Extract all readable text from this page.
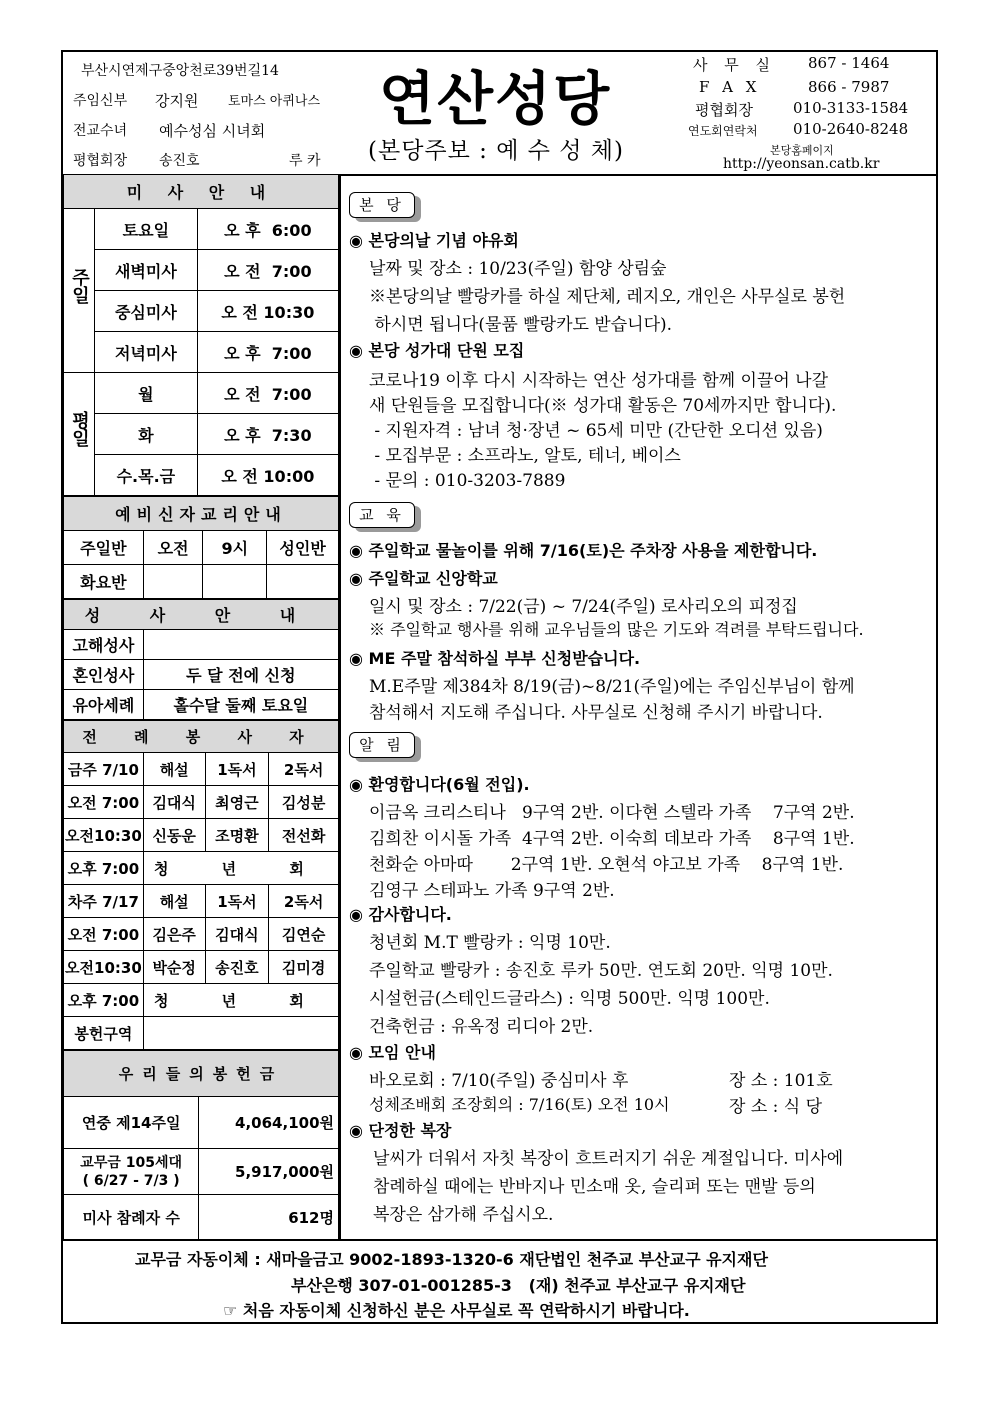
부산시연제구중앙천로39번길14
주임신부 강지원 토마스 아퀴나스
전교수녀 예수성심 시녀회
평협회장 송진호	루 카
연산성당
(본당주보 : 예 수 성 체)
사 무 실 867 - 1464
F A X	866 - 7987
평협회장	010-3133-1584
연도회연락처 010-2640-8248
본당홈페이지
http://yeonsan.catb.kr
미 사 안 내		
주일	토요일	오 후  6:00
	새벽미사	오 전  7:00
	중심미사	오 전 10:30
	저녁미사	오 후  7:00
평일	월	오 전  7:00
	화	오 후  7:30
	수.목.금	오 전 10:00
예비신자교리안내			
주일반	오전	9시	성인반
화요반			
성 사 안 내	
고해성사	
혼인성사	두 달 전에 신청
유아세례	홀수달 둘째 토요일
전 례 봉 사 자			
금주 7/10	해설	1독서	2독서
오전 7:00	김대식	최영근	김성분
오전10:30	신동운	조명환	전선화
오후 7:00	청 년 회		
차주 7/17	해설	1독서	2독서
오전 7:00	김은주	김대식	김연순
오전10:30	박순정	송진호	김미경
오후 7:00	청 년 회		
봉헌구역			
우리들의봉헌금	
연중 제14주일	4,064,100원
교무금 105세대
( 6/27 - 7/3 )	5,917,000원
미사 참례자 수	612명
본 당
◉ 본당의날 기념 야유회
날짜 및 장소 : 10/23(주일) 함양 상림숲
※본당의날 빨랑카를 하실 제단체, 레지오, 개인은 사무실로 봉헌
하시면 됩니다(물품 빨랑카도 받습니다).
◉ 본당 성가대 단원 모집
코로나19 이후 다시 시작하는 연산 성가대를 함께 이끌어 나갈
새 단원들을 모집합니다(※ 성가대 활동은 70세까지만 합니다).
- 지원자격 : 남녀 청·장년 ~ 65세 미만 (간단한 오디션 있음)
- 모집부문 : 소프라노, 알토, 테너, 베이스
- 문의 : 010-3203-7889
교 육
◉ 주일학교 물놀이를 위해 7/16(토)은 주차장 사용을 제한합니다.
◉ 주일학교 신앙학교
일시 및 장소 : 7/22(금) ~ 7/24(주일) 로사리오의 피정집
※ 주일학교 행사를 위해 교우님들의 많은 기도와 격려를 부탁드립니다.
◉ ME 주말 참석하실 부부 신청받습니다.
M.E주말 제384차 8/19(금)~8/21(주일)에는 주임신부님이 함께
참석해서 지도해 주십니다. 사무실로 신청해 주시기 바랍니다.
알 림
◉ 환영합니다(6월 전입).
이금옥 크리스티나   9구역 2반. 이다현 스텔라 가족    7구역 2반.
김희찬 이시돌 가족  4구역 2반. 이숙희 데보라 가족    8구역 1반.
천화순 아마따       2구역 1반. 오현석 야고보 가족    8구역 1반.
김영구 스테파노 가족 9구역 2반.
◉ 감사합니다.
청년회 M.T 빨랑카 : 익명 10만.
주일학교 빨랑카 : 송진호 루카 50만. 연도회 20만. 익명 10만.
시설헌금(스테인드글라스) : 익명 500만. 익명 100만.
건축헌금 : 유옥정 리디아 2만.
◉ 모임 안내
바오로회 : 7/10(주일) 중심미사 후	장 소 : 101호
성체조배회 조장회의 : 7/16(토) 오전 10시	장 소 : 식 당
◉ 단정한 복장
날씨가 더워서 자칫 복장이 흐트러지기 쉬운 계절입니다. 미사에
참례하실 때에는 반바지나 민소매 옷, 슬리퍼 또는 맨발 등의
복장은 삼가해 주십시오.
교무금 자동이체 : 새마을금고 9002-1893-1320-6 재단법인 천주교 부산교구 유지재단
부산은행 307-01-001285-3   (재) 천주교 부산교구 유지재단
☞ 처음 자동이체 신청하신 분은 사무실로 꼭 연락하시기 바랍니다.
